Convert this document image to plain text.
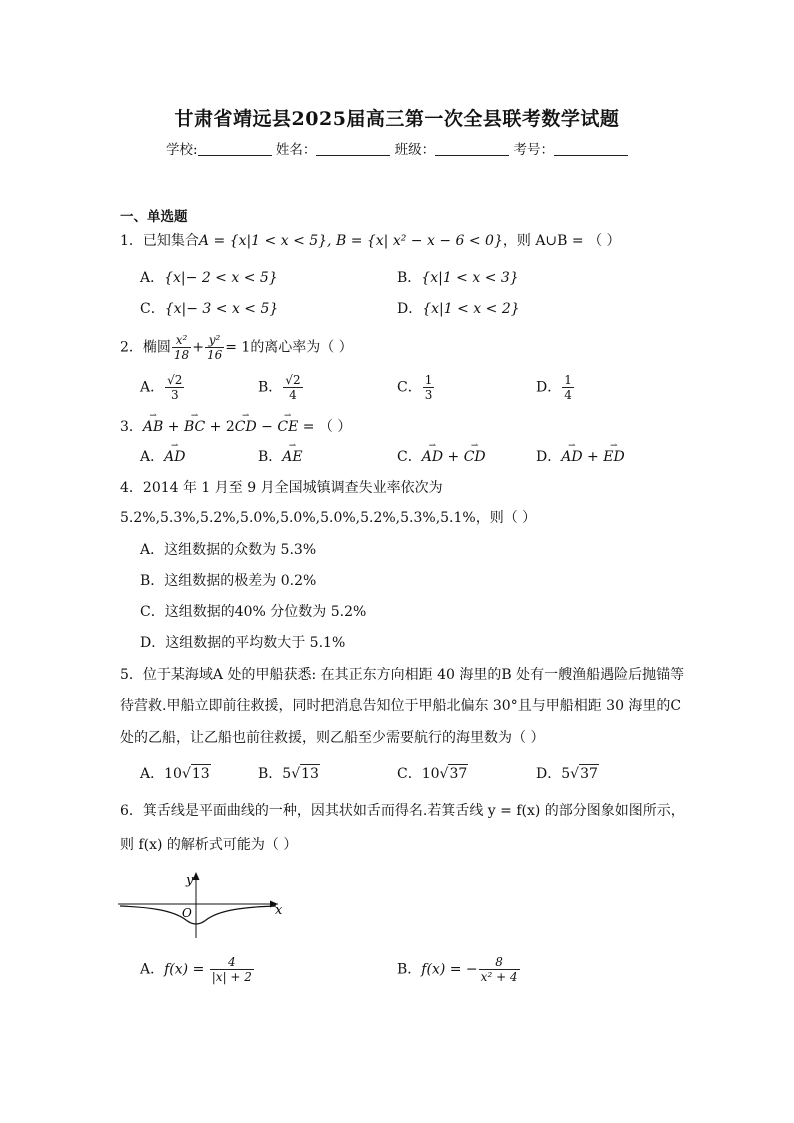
甘肃省靖远县2025届高三第一次全县联考数学试题
学校:	姓名：	班级：	考号：
一、单选题
1．已知集合A = {x|1 < x < 5}, B = {x| x² − x − 6 < 0}，则 A∪B = （ ）
A．{x|− 2 < x < 5}	B．{x|1 < x < 3}
C．{x|− 3 < x < 5}	D．{x|1 < x < 2}
2．椭圆 $\frac{\text{x²}}{18} + \frac{\text{y²}}{16} = 1$的离心率为（ ）
A． $\frac{√2}{3}$	B． $\frac{√2}{4}$	C． $\frac{1}{3}$	D． $\frac{1}{4}$
3．⇀ AB + ⇀ BC + 2⇀ CD − ⇀ CE = （ ）
A．⇀ AD	B．⇀ AE	C．⇀ AD + ⇀ CD	D．⇀ AD + ⇀ ED
4．2014 年 1 月至 9 月全国城镇调查失业率依次为
5.2%,5.3%,5.2%,5.0%,5.0%,5.0%,5.2%,5.3%,5.1%，则（ ）
A．这组数据的众数为 5.3%
B．这组数据的极差为 0.2%
C．这组数据的40% 分位数为 5.2%
D．这组数据的平均数大于 5.1%
5．位于某海域A 处的甲船获悉: 在其正东方向相距 40 海里的B 处有一艘渔船遇险后抛锚等
待营救.甲船立即前往救援，同时把消息告知位于甲船北偏东 30°且与甲船相距 30 海里的C
处的乙船，让乙船也前往救援，则乙船至少需要航行的海里数为（ ）
A．10√13	B．5√13	C．10√37	D．5√37
6．箕舌线是平面曲线的一种，因其状如舌而得名.若箕舌线 y = f(x) 的部分图象如图所示，
则 f(x) 的解析式可能为（ ）
y
x
O
A．$f(x) = \frac{4}{|x| + 2}$	B．f(x) = − $\frac{8}{\text{x² + 4}}$
